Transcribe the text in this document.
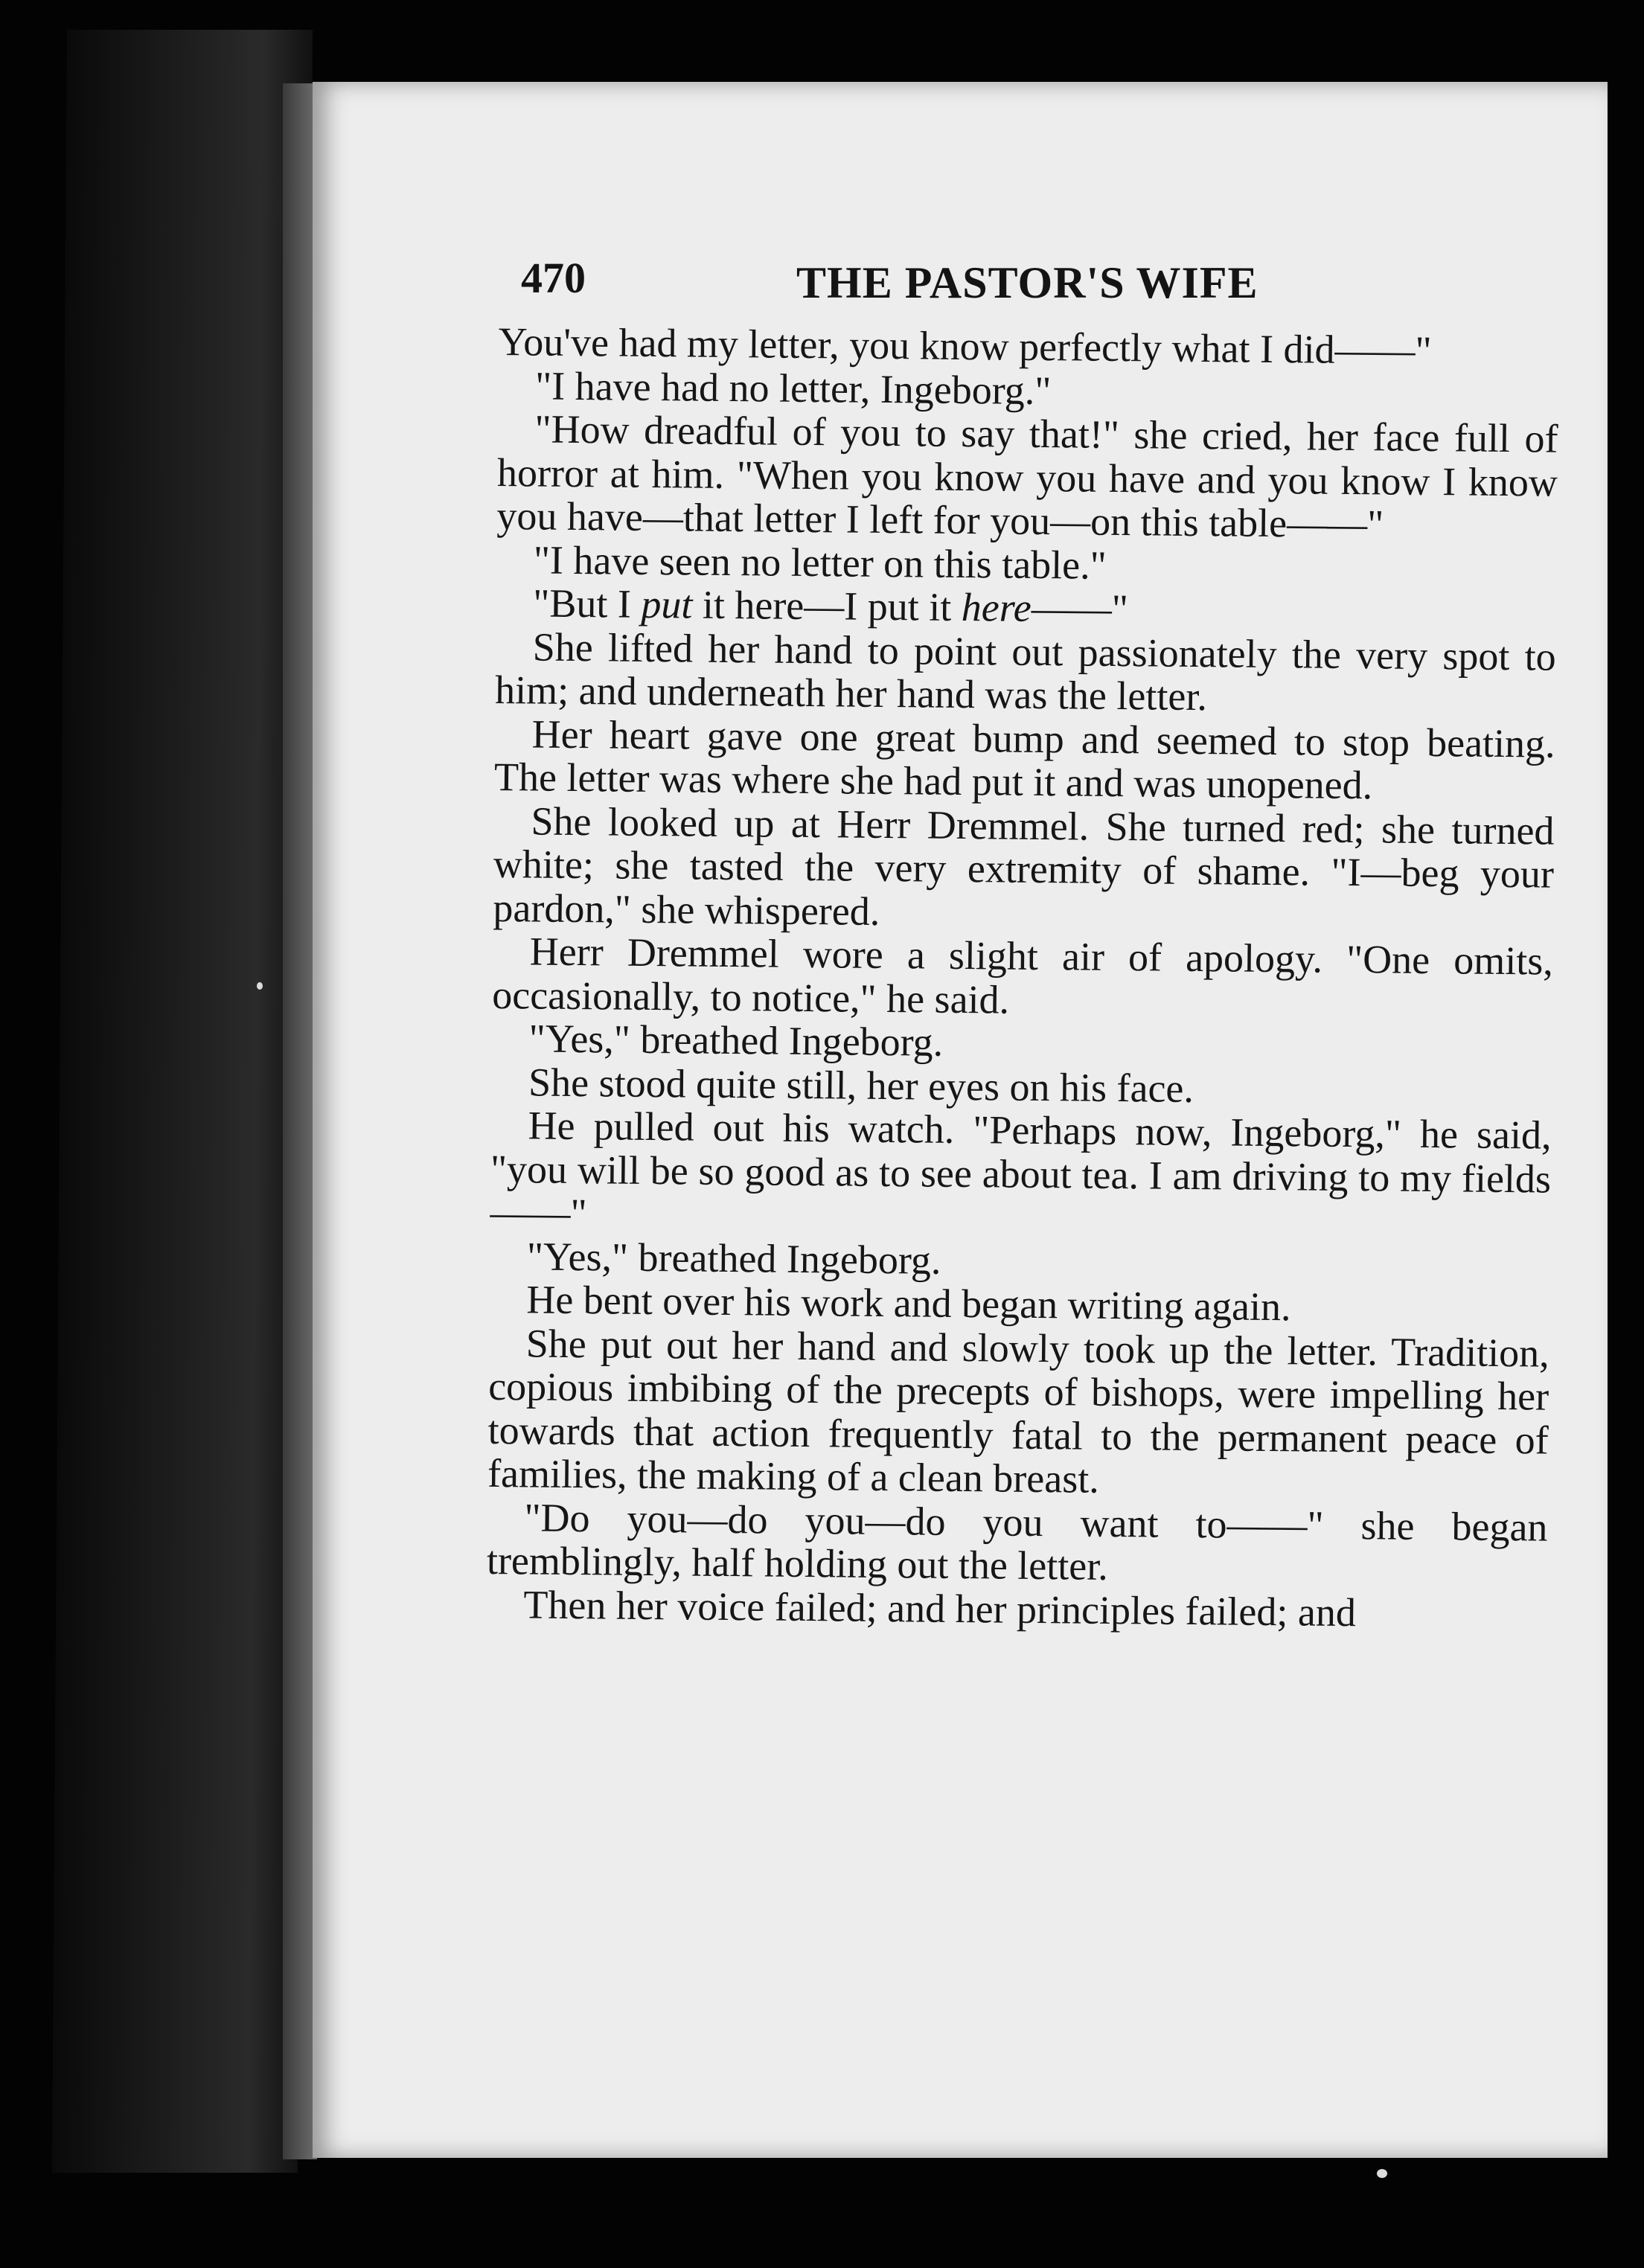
470	THE PASTOR'S WIFE

You've had my letter, you know perfectly what I did——"

"I have had no letter, Ingeborg."

"How dreadful of you to say that!" she cried, her face full of horror at him. "When you know you have and you know I know you have—that letter I left for you—on this table——"

"I have seen no letter on this table."

"But I put it here—I put it here——"

She lifted her hand to point out passionately the very spot to him; and underneath her hand was the letter.

Her heart gave one great bump and seemed to stop beating. The letter was where she had put it and was unopened.

She looked up at Herr Dremmel. She turned red; she turned white; she tasted the very extremity of shame. "I—beg your pardon," she whispered.

Herr Dremmel wore a slight air of apology. "One omits, occasionally, to notice," he said.

"Yes," breathed Ingeborg.

She stood quite still, her eyes on his face.

He pulled out his watch. "Perhaps now, Ingeborg," he said, "you will be so good as to see about tea. I am driving to my fields——"

"Yes," breathed Ingeborg.

He bent over his work and began writing again.

She put out her hand and slowly took up the letter. Tradition, copious imbibing of the precepts of bishops, were impelling her towards that action frequently fatal to the permanent peace of families, the making of a clean breast.

"Do you—do you—do you want to——" she began tremblingly, half holding out the letter.

Then her voice failed; and her principles failed; and
